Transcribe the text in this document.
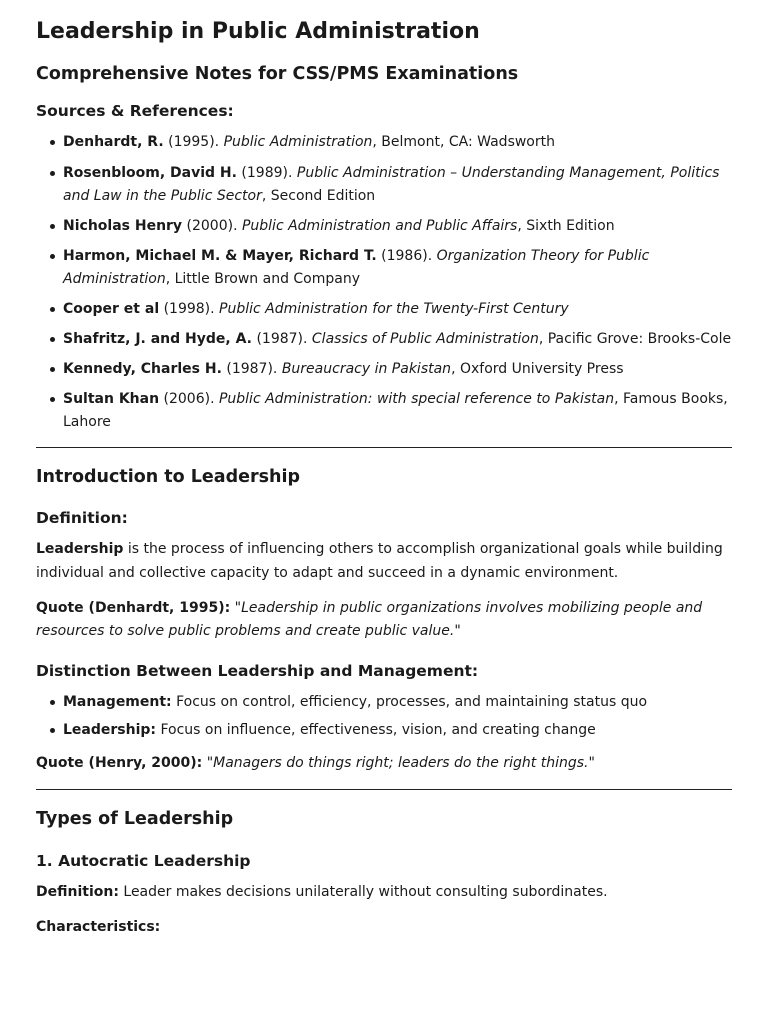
Leadership in Public Administration
Comprehensive Notes for CSS/PMS Examinations
Sources & References:
Denhardt, R. (1995). Public Administration, Belmont, CA: Wadsworth
Rosenbloom, David H. (1989). Public Administration – Understanding Management, Politics and Law in the Public Sector, Second Edition
Nicholas Henry (2000). Public Administration and Public Affairs, Sixth Edition
Harmon, Michael M. & Mayer, Richard T. (1986). Organization Theory for Public Administration, Little Brown and Company
Cooper et al (1998). Public Administration for the Twenty-First Century
Shafritz, J. and Hyde, A. (1987). Classics of Public Administration, Pacific Grove: Brooks-Cole
Kennedy, Charles H. (1987). Bureaucracy in Pakistan, Oxford University Press
Sultan Khan (2006). Public Administration: with special reference to Pakistan, Famous Books, Lahore
Introduction to Leadership
Definition:

Leadership is the process of influencing others to accomplish organizational goals while building individual and collective capacity to adapt and succeed in a dynamic environment.

Quote (Denhardt, 1995): "Leadership in public organizations involves mobilizing people and resources to solve public problems and create public value."

Distinction Between Leadership and Management:
Management: Focus on control, efficiency, processes, and maintaining status quo
Leadership: Focus on influence, effectiveness, vision, and creating change

Quote (Henry, 2000): "Managers do things right; leaders do the right things."

Types of Leadership
1. Autocratic Leadership

Definition: Leader makes decisions unilaterally without consulting subordinates.

Characteristics:
